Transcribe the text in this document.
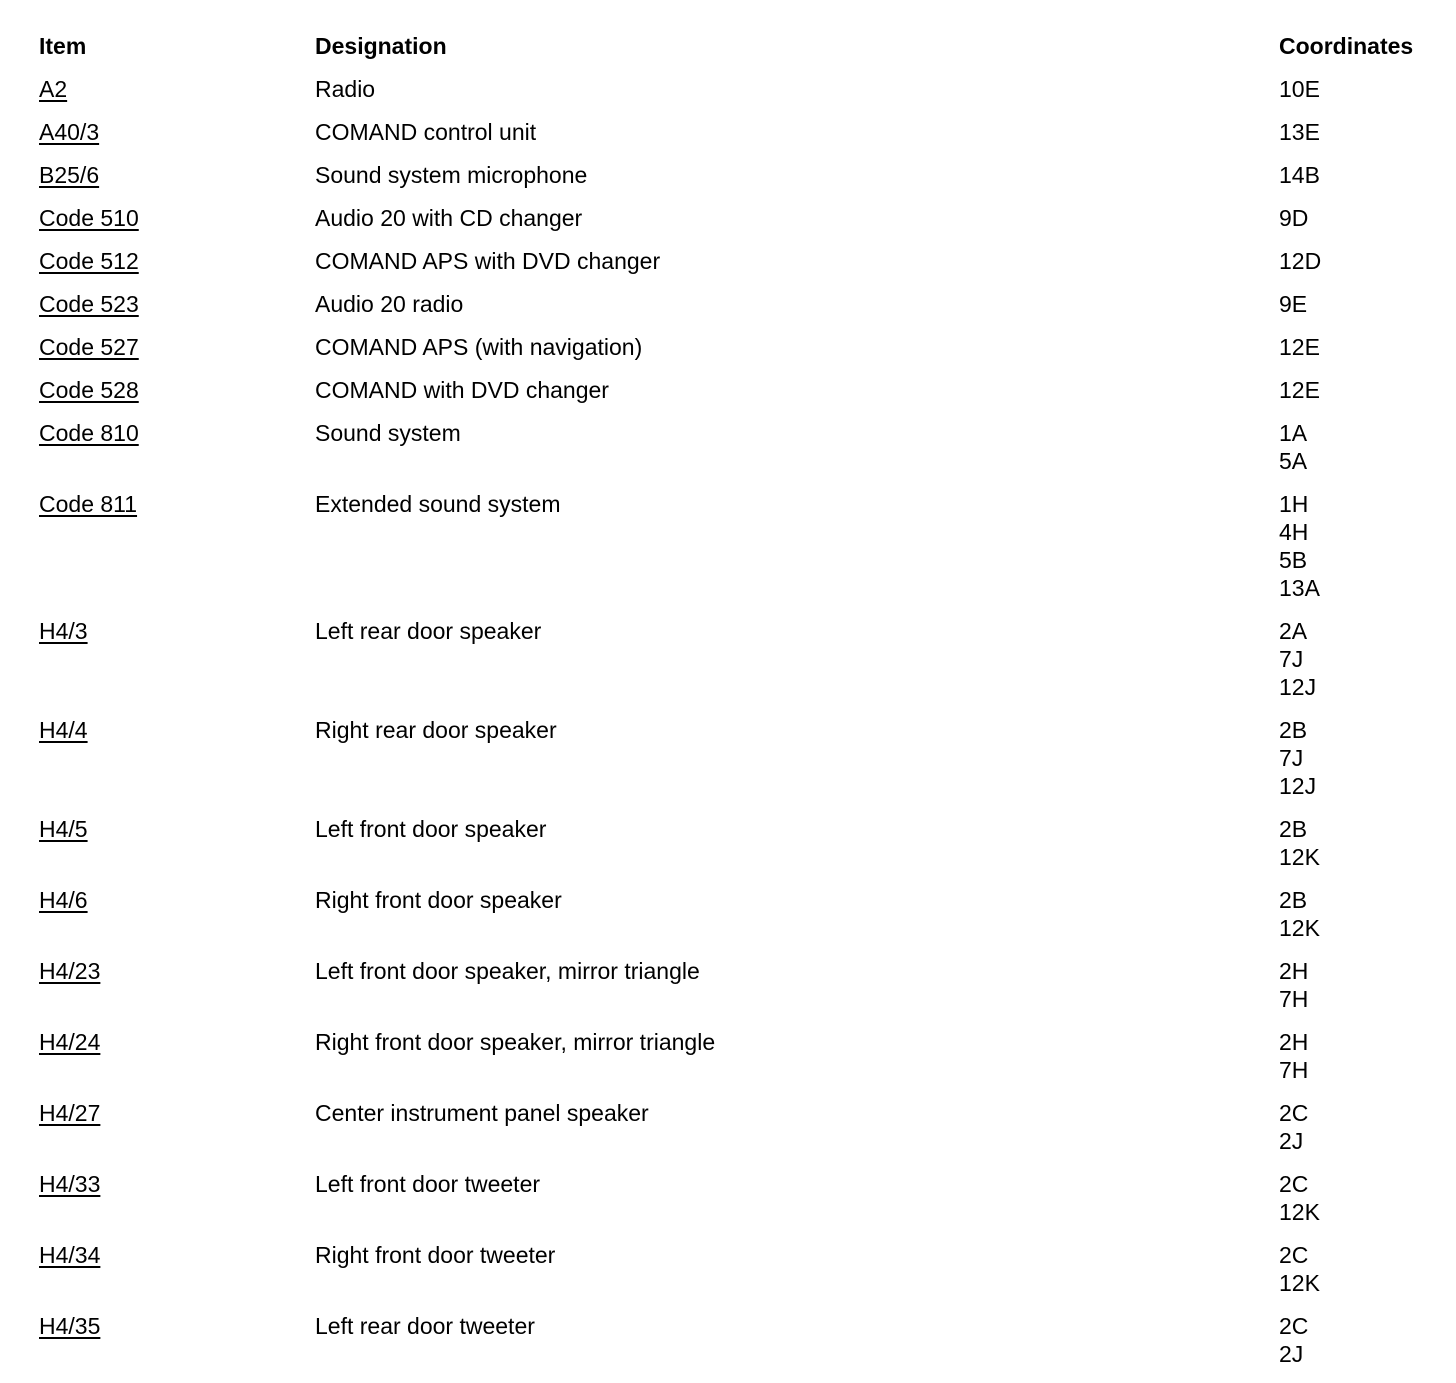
Item	Designation	Coordinates
A2	Radio	10E
A40/3	COMAND control unit	13E
B25/6	Sound system microphone	14B
Code 510	Audio 20 with CD changer	9D
Code 512	COMAND APS with DVD changer	12D
Code 523	Audio 20 radio	9E
Code 527	COMAND APS (with navigation)	12E
Code 528	COMAND with DVD changer	12E
Code 810	Sound system	1A
5A
Code 811	Extended sound system	1H
4H
5B
13A
H4/3	Left rear door speaker	2A
7J
12J
H4/4	Right rear door speaker	2B
7J
12J
H4/5	Left front door speaker	2B
12K
H4/6	Right front door speaker	2B
12K
H4/23	Left front door speaker, mirror triangle	2H
7H
H4/24	Right front door speaker, mirror triangle	2H
7H
H4/27	Center instrument panel speaker	2C
2J
H4/33	Left front door tweeter	2C
12K
H4/34	Right front door tweeter	2C
12K
H4/35	Left rear door tweeter	2C
2J
